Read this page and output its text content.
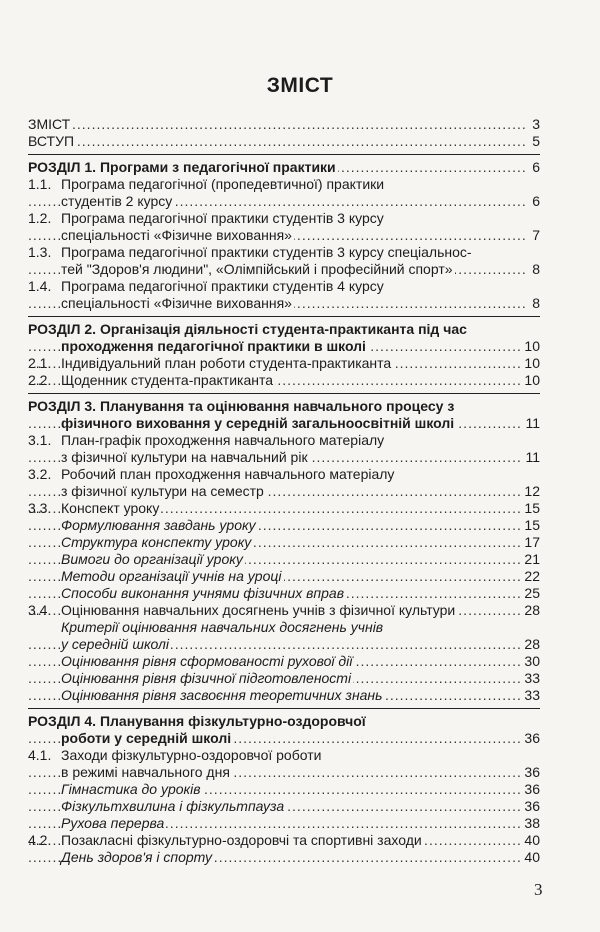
ЗМІСТ
.....
ЗМІСТ	3
.....
ВСТУП	5
.....
РОЗДІЛ 1. Програми з педагогічної практики	6
1.1. Програма педагогічної (пропедевтичної) практики
.....
студентів 2 курсу	6
1.2. Програма педагогічної практики студентів 3 курсу
.....
спеціальності «Фізичне виховання»	7
1.3. Програма педагогічної практики студентів 3 курсу спеціальнос-
.....
тей "Здоров'я людини", «Олімпійський і професійний спорт»	8
1.4. Програма педагогічної практики студентів 4 курсу
.....
спеціальності «Фізичне виховання»	8
РОЗДІЛ 2. Організація діяльності студента-практиканта під час
.....
проходження педагогічної практики в школі	10
2.1. ..... Індивідуальний план роботи студента-практиканта	10
2.2. ..... Щоденник студента-практиканта	10
РОЗДІЛ 3. Планування та оцінювання навчального процесу з
.....
фізичного виховання у середній загальноосвітній школі	11
3.1. План-графік проходження навчального матеріалу
.....
з фізичної культури на навчальний рік	11
3.2. Робочий план проходження навчального матеріалу
.....
з фізичної культури на семестр	12
3.3. ..... Конспект уроку	15
.....
Формулювання завдань уроку	15
.....
Структура конспекту уроку	17
.....
Вимоги до організації уроку	21
.....
Методи організації учнів на уроці	22
.....
Способи виконання учнями фізичних вправ	25
3.4. ..... Оцінювання навчальних досягнень учнів з фізичної культури	28
Критерії оцінювання навчальних досягнень учнів
.....
у середній школі	28
.....
Оцінювання рівня сформованості рухової дії	30
.....
Оцінювання рівня фізичної підготовленості	33
.....
Оцінювання рівня засвоєння теоретичних знань	33
РОЗДІЛ 4. Планування фізкультурно-оздоровчої
.....
роботи у середній школі	36
4.1. Заходи фізкультурно-оздоровчої роботи
.....
в режимі навчального дня	36
.....
Гімнастика до уроків	36
.....
Фізкультхвилина і фізкультпауза	36
.....
Рухова перерва	38
4.2. ..... Позакласні фізкультурно-оздоровчі та спортивні заходи	40
.....
День здоров'я і спорту	40
3
